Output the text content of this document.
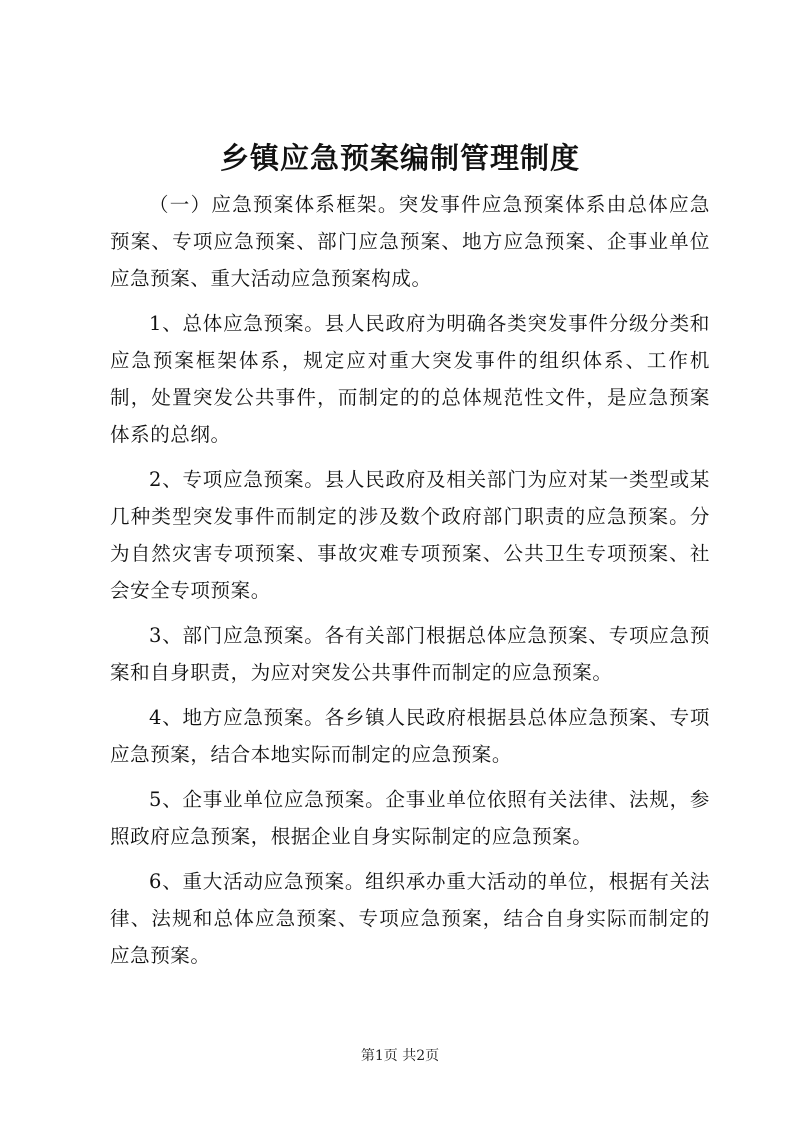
乡镇应急预案编制管理制度

（一）应急预案体系框架。突发事件应急预案体系由总体应急预案、专项应急预案、部门应急预案、地方应急预案、企事业单位应急预案、重大活动应急预案构成。

1、总体应急预案。县人民政府为明确各类突发事件分级分类和应急预案框架体系，规定应对重大突发事件的组织体系、工作机制，处置突发公共事件，而制定的的总体规范性文件，是应急预案体系的总纲。

2、专项应急预案。县人民政府及相关部门为应对某一类型或某几种类型突发事件而制定的涉及数个政府部门职责的应急预案。分为自然灾害专项预案、事故灾难专项预案、公共卫生专项预案、社会安全专项预案。

3、部门应急预案。各有关部门根据总体应急预案、专项应急预案和自身职责，为应对突发公共事件而制定的应急预案。

4、地方应急预案。各乡镇人民政府根据县总体应急预案、专项应急预案，结合本地实际而制定的应急预案。

5、企事业单位应急预案。企事业单位依照有关法律、法规，参照政府应急预案，根据企业自身实际制定的应急预案。

6、重大活动应急预案。组织承办重大活动的单位，根据有关法律、法规和总体应急预案、专项应急预案，结合自身实际而制定的应急预案。

第1页 共2页
